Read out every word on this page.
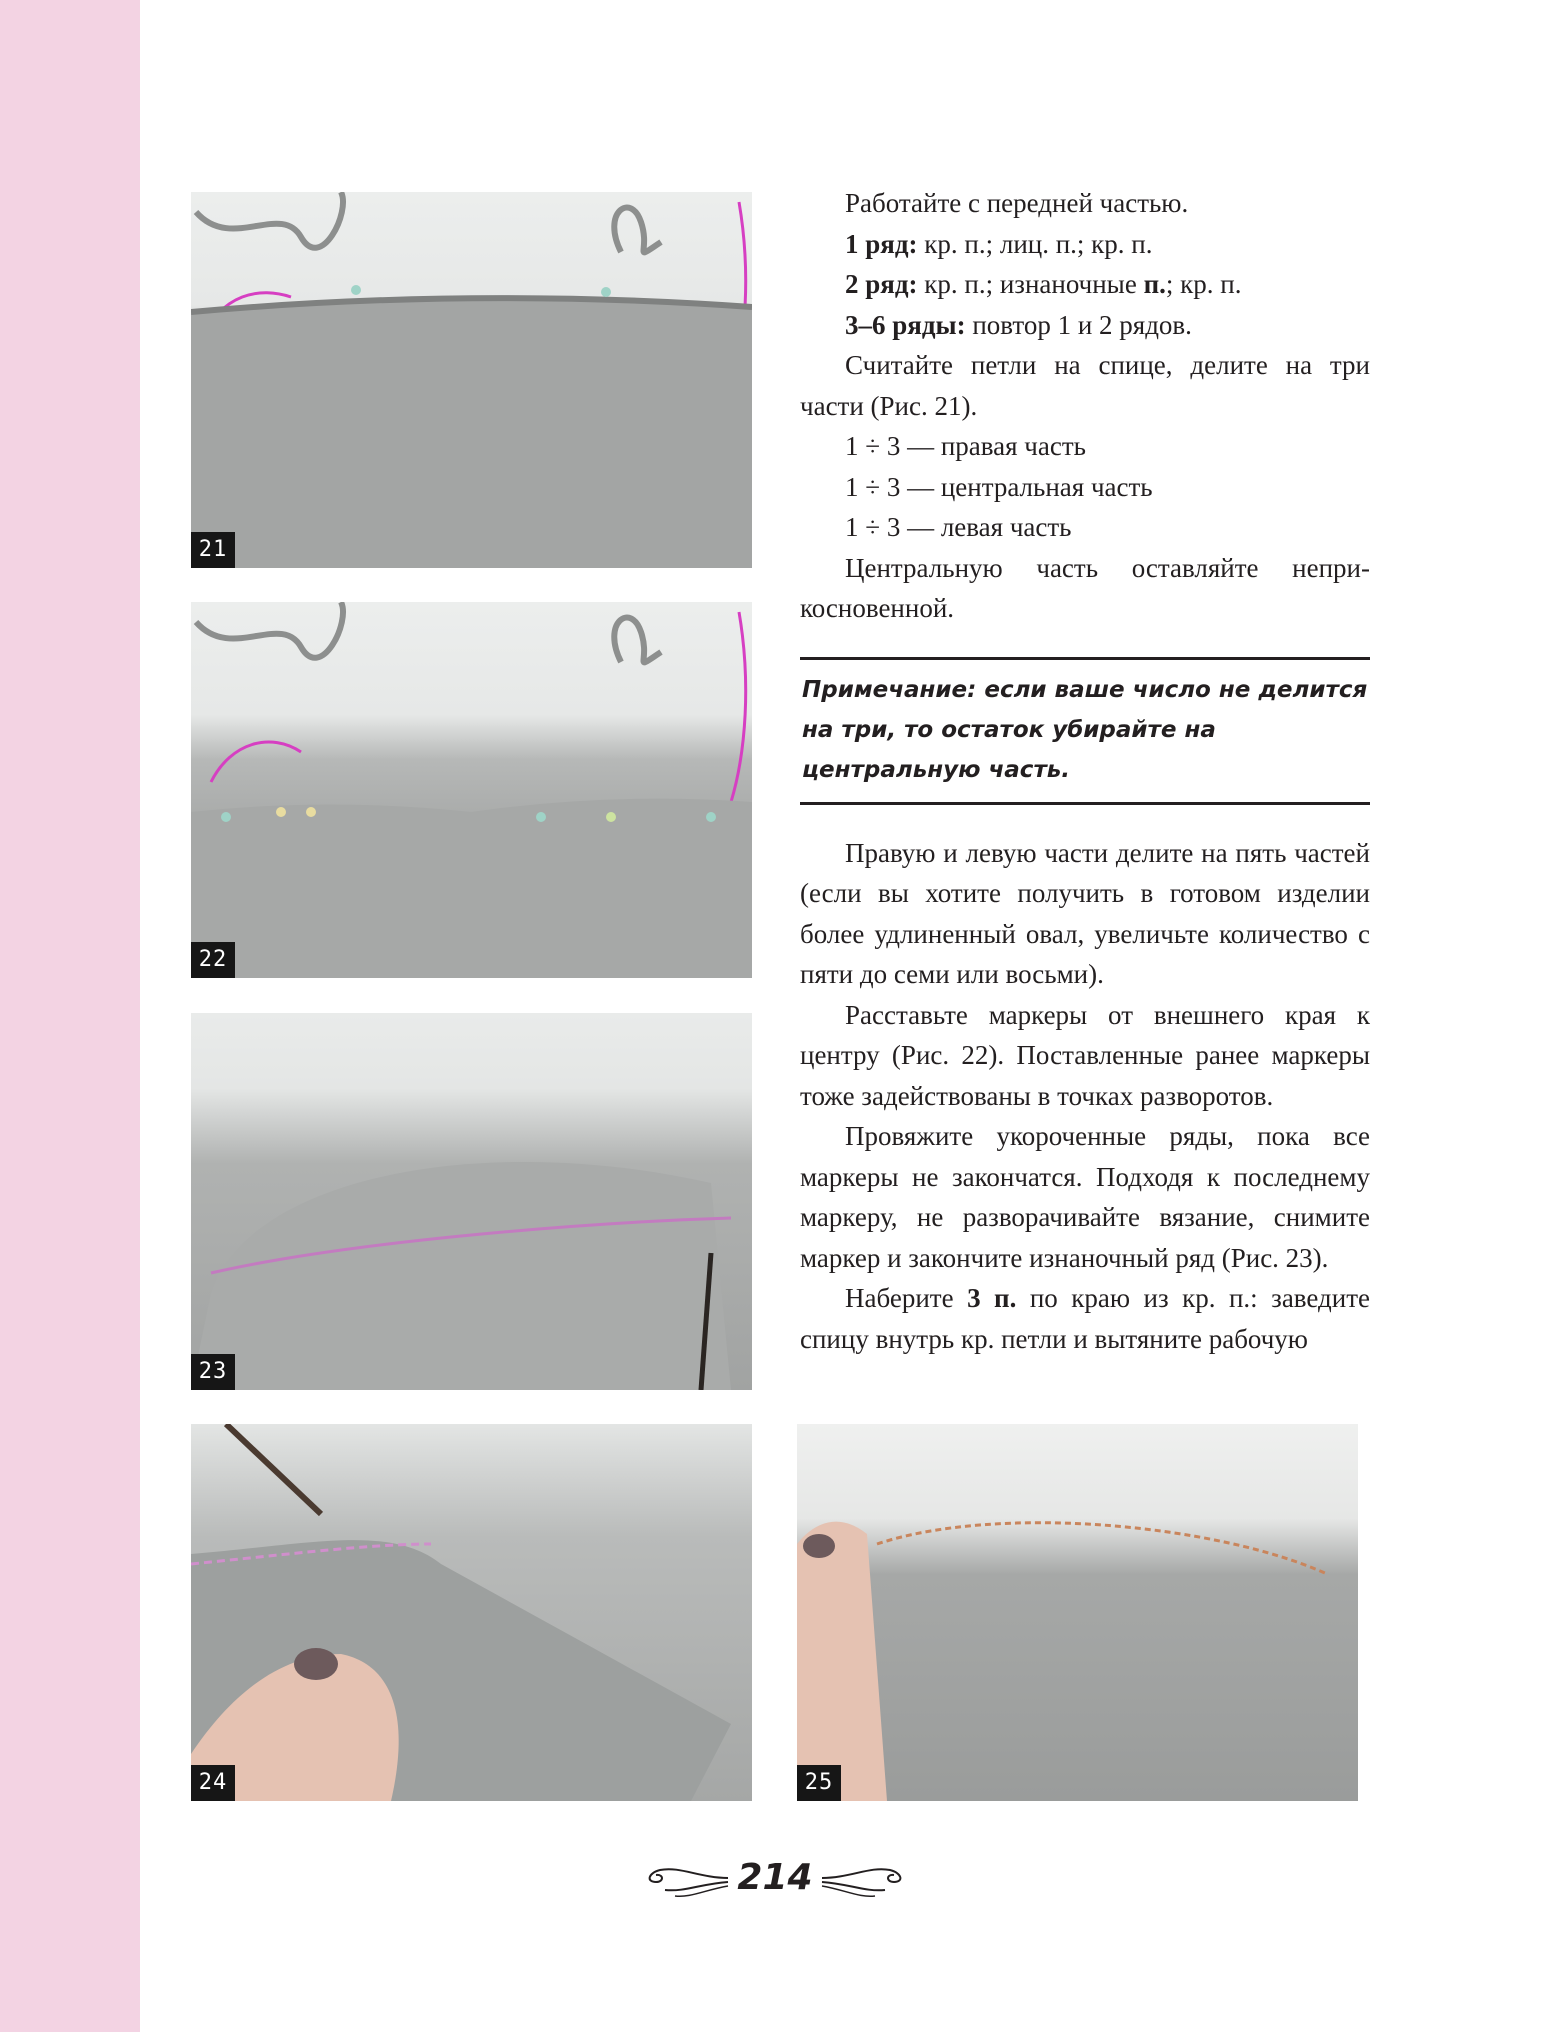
21
22
23
24	25

Работайте с передней частью.

1 ряд: кр. п.; лиц. п.; кр. п.

2 ряд: кр. п.; изнаночные п.; кр. п.

3–6 ряды: повтор 1 и 2 рядов.

Считайте петли на спице, делите на три части (Рис. 21).

1 ÷ 3 — правая часть

1 ÷ 3 — центральная часть

1 ÷ 3 — левая часть

Центральную часть оставляйте неприкосновенной.

Примечание: если ваше число не делится на три, то остаток убирайте на центральную часть.

Правую и левую части делите на пять частей (если вы хотите получить в готовом изделии более удлиненный овал, увеличьте количество с пяти до семи или восьми).

Расставьте маркеры от внешнего края к центру (Рис. 22). Поставленные ранее маркеры тоже задействованы в точках разворотов.

Провяжите укороченные ряды, пока все маркеры не закончатся. Подходя к последнему маркеру, не разворачивайте вязание, снимите маркер и закончите изнаночный ряд (Рис. 23).

Наберите 3 п. по краю из кр. п.: заведите спицу внутрь кр. петли и вытяните рабочую

214
